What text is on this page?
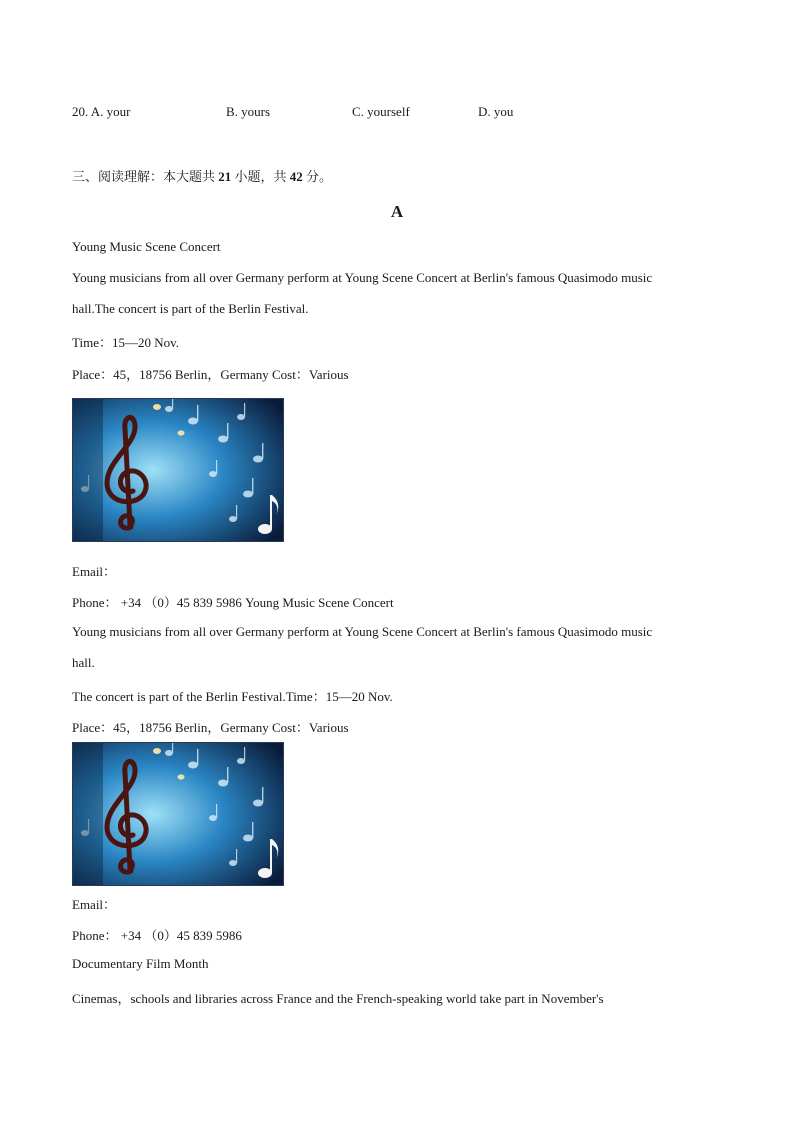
20. A. your	B. yours	C. yourself	D. you
三、阅读理解：本大题共 21 小题，共 42 分。
A
Young Music Scene Concert
Young musicians from all over Germany perform at Young Scene Concert at Berlin's famous Quasimodo music
hall.The concert is part of the Berlin Festival.
Time：15—20 Nov.
Place：45，18756 Berlin，Germany Cost：Various
Email：
Phone： +34 （0）45 839 5986 Young Music Scene Concert
Young musicians from all over Germany perform at Young Scene Concert at Berlin's famous Quasimodo music
hall.
The concert is part of the Berlin Festival.Time：15—20 Nov.
Place：45，18756 Berlin，Germany Cost：Various
Email：
Phone： +34 （0）45 839 5986
Documentary Film Month
Cinemas，schools and libraries across France and the French-speaking world take part in November's
